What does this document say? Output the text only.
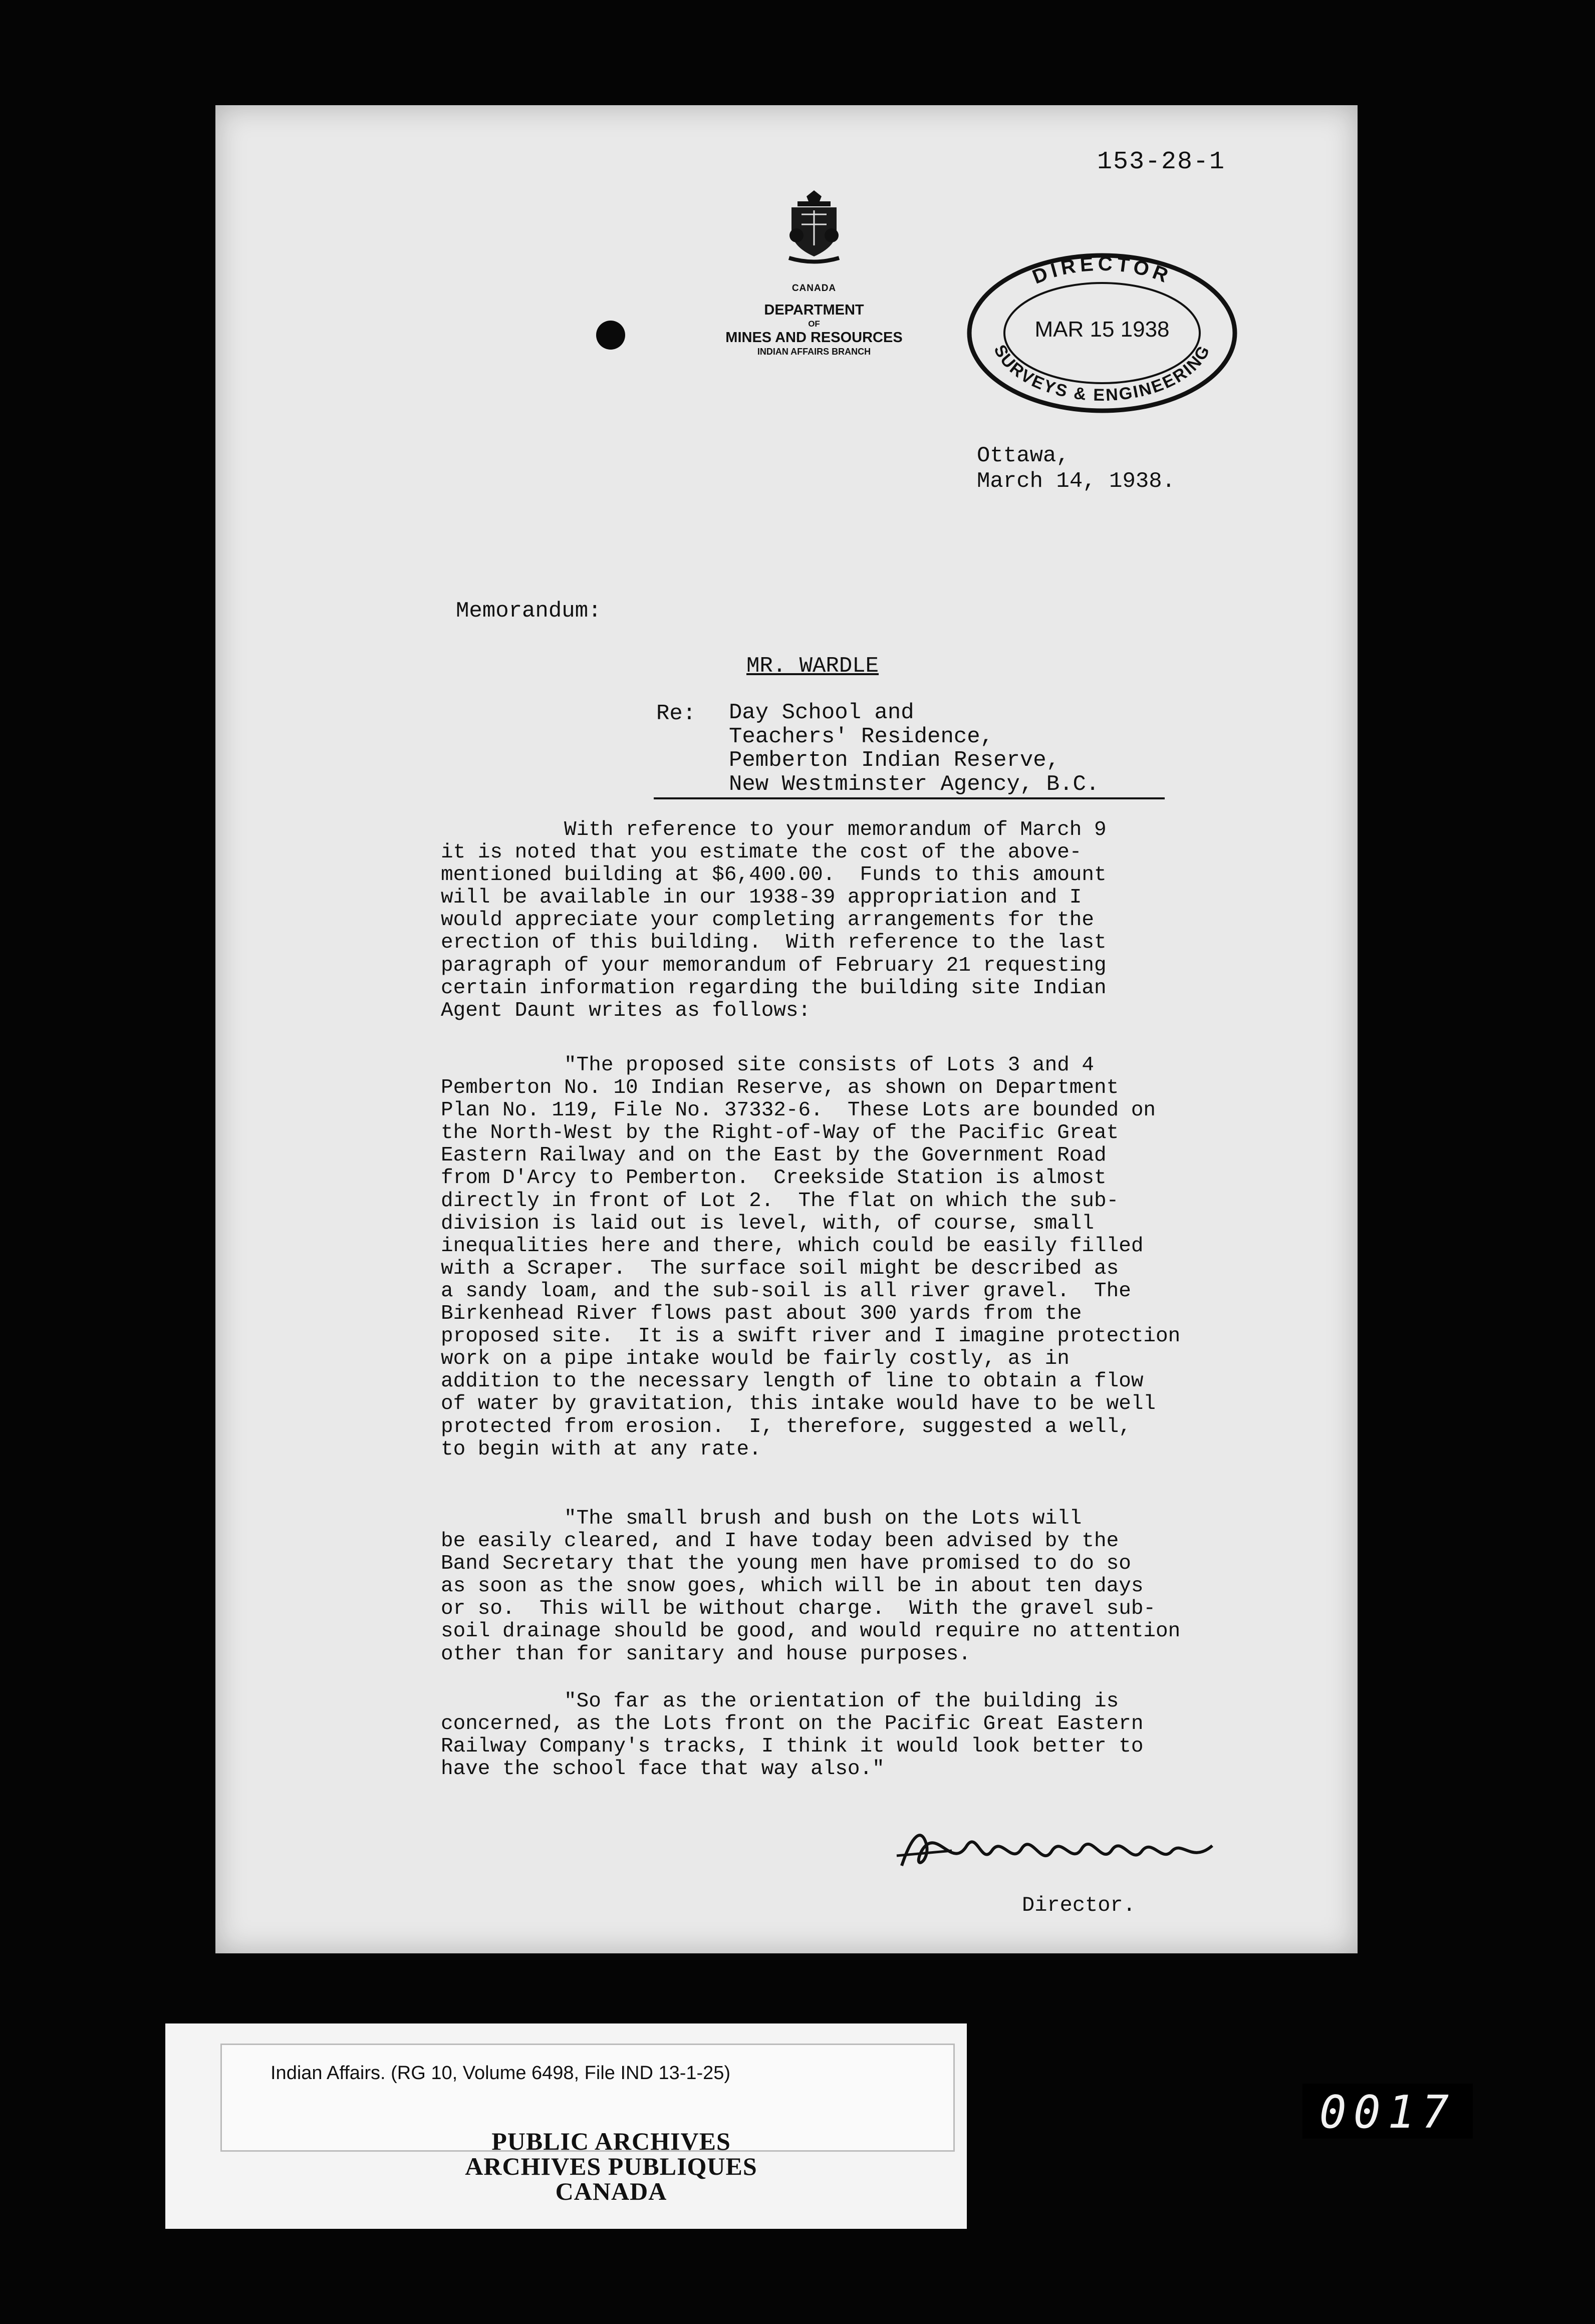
153-28-1
CANADA
DEPARTMENT
OF
MINES AND RESOURCES
INDIAN AFFAIRS BRANCH
DIRECTOR
SURVEYS & ENGINEERING
MAR 15 1938
Ottawa,
March 14, 1938.
Memorandum:
MR. WARDLE
Re: Day School and
Teachers' Residence,
Pemberton Indian Reserve,
New Westminster Agency, B.C.
With reference to your memorandum of March 9
it is noted that you estimate the cost of the above-
mentioned building at $6,400.00.  Funds to this amount
will be available in our 1938-39 appropriation and I
would appreciate your completing arrangements for the
erection of this building.  With reference to the last
paragraph of your memorandum of February 21 requesting
certain information regarding the building site Indian
Agent Daunt writes as follows:
"The proposed site consists of Lots 3 and 4
Pemberton No. 10 Indian Reserve, as shown on Department
Plan No. 119, File No. 37332-6.  These Lots are bounded on
the North-West by the Right-of-Way of the Pacific Great
Eastern Railway and on the East by the Government Road
from D'Arcy to Pemberton.  Creekside Station is almost
directly in front of Lot 2.  The flat on which the sub-
division is laid out is level, with, of course, small
inequalities here and there, which could be easily filled
with a Scraper.  The surface soil might be described as
a sandy loam, and the sub-soil is all river gravel.  The
Birkenhead River flows past about 300 yards from the
proposed site.  It is a swift river and I imagine protection
work on a pipe intake would be fairly costly, as in
addition to the necessary length of line to obtain a flow
of water by gravitation, this intake would have to be well
protected from erosion.  I, therefore, suggested a well,
to begin with at any rate.
"The small brush and bush on the Lots will
be easily cleared, and I have today been advised by the
Band Secretary that the young men have promised to do so
as soon as the snow goes, which will be in about ten days
or so.  This will be without charge.  With the gravel sub-
soil drainage should be good, and would require no attention
other than for sanitary and house purposes.
"So far as the orientation of the building is
concerned, as the Lots front on the Pacific Great Eastern
Railway Company's tracks, I think it would look better to
have the school face that way also."
Director.
Indian Affairs. (RG 10, Volume 6498, File IND 13-1-25)
PUBLIC ARCHIVES
ARCHIVES PUBLIQUES
CANADA
0017
